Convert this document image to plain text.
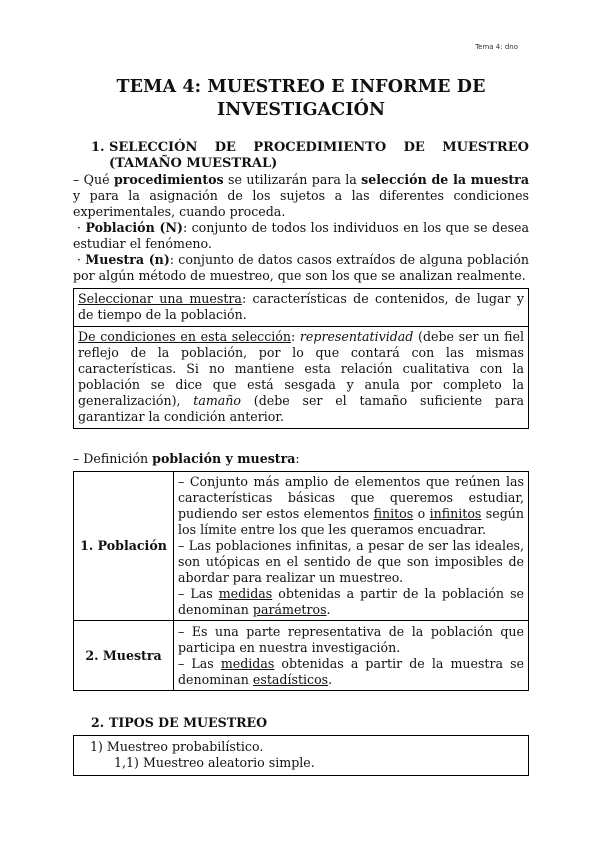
Tema 4: dno
TEMA 4: MUESTREO E INFORME DE
INVESTIGACIÓN
1. SELECCIÓN DE PROCEDIMIENTO DE MUESTREO
(TAMAÑO MUESTRAL)

– Qué procedimientos se utilizarán para la selección de la muestra y para la asignación de los sujetos a las diferentes condiciones experimentales, cuando proceda.

· Población (N): conjunto de todos los individuos en los que se desea estudiar el fenómeno.

· Muestra (n): conjunto de datos casos extraídos de alguna población por algún método de muestreo, que son los que se analizan realmente.

Seleccionar una muestra: características de contenidos, de lugar y de tiempo de la población.

De condiciones en esta selección: representatividad (debe ser un fiel reflejo de la población, por lo que contará con las mismas características. Si no mantiene esta relación cualitativa con la población se dice que está sesgada y anula por completo la generalización), tamaño (debe ser el tamaño suficiente para garantizar la condición anterior.

– Definición población y muestra:

1. Población	– Conjunto más amplio de elementos que reúnen las características básicas que queremos estudiar, pudiendo ser estos elementos finitos o infinitos según los límite entre los que les queramos encuadrar.

– Las poblaciones infinitas, a pesar de ser las ideales, son utópicas en el sentido de que son imposibles de abordar para realizar un muestreo.

– Las medidas obtenidas a partir de la población se denominan parámetros.

2. Muestra	– Es una parte representativa de la población que participa en nuestra investigación.

– Las medidas obtenidas a partir de la muestra se denominan estadísticos.

2. TIPOS DE MUESTREO
1) Muestreo probabilístico.
1,1) Muestreo aleatorio simple.
